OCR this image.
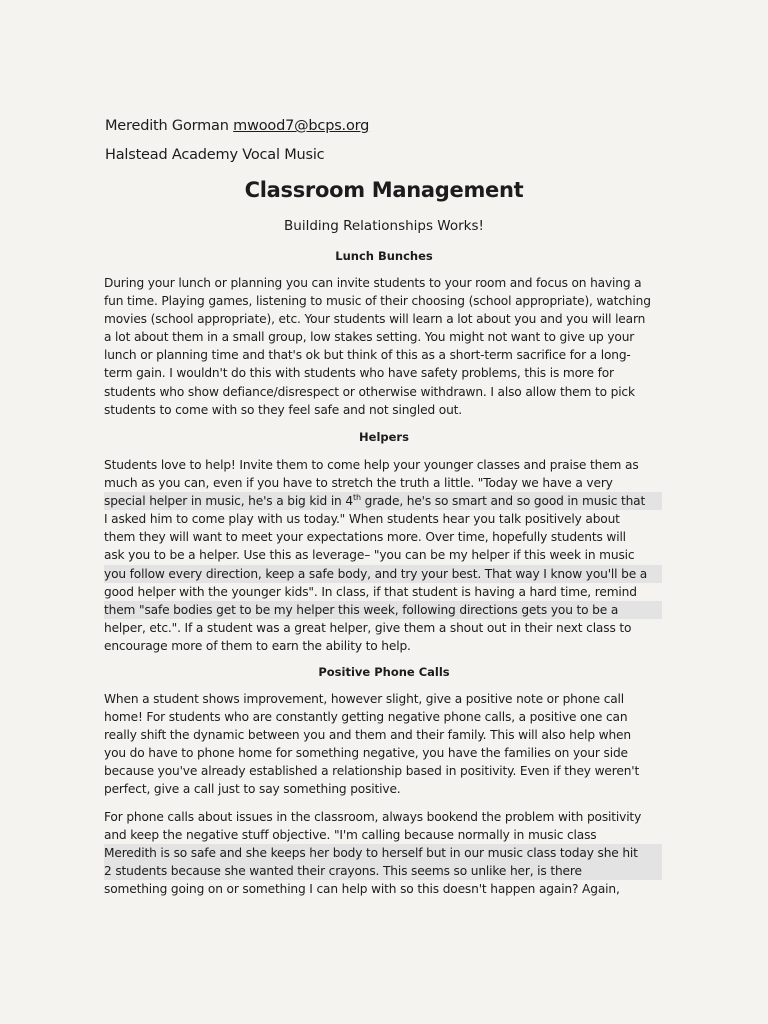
Meredith Gorman mwood7@bcps.org
Halstead Academy Vocal Music
Classroom Management
Building Relationships Works!
Lunch Bunches

During your lunch or planning you can invite students to your room and focus on having a

fun time. Playing games, listening to music of their choosing (school appropriate), watching

movies (school appropriate), etc. Your students will learn a lot about you and you will learn

a lot about them in a small group, low stakes setting. You might not want to give up your

lunch or planning time and that's ok but think of this as a short-term sacrifice for a long-

term gain. I wouldn't do this with students who have safety problems, this is more for

students who show defiance/disrespect or otherwise withdrawn. I also allow them to pick

students to come with so they feel safe and not singled out.

Helpers

Students love to help! Invite them to come help your younger classes and praise them as

much as you can, even if you have to stretch the truth a little. "Today we have a very

special helper in music, he's a big kid in 4th grade, he's so smart and so good in music that

I asked him to come play with us today." When students hear you talk positively about

them they will want to meet your expectations more. Over time, hopefully students will

ask you to be a helper. Use this as leverage– "you can be my helper if this week in music

you follow every direction, keep a safe body, and try your best. That way I know you'll be a

good helper with the younger kids". In class, if that student is having a hard time, remind

them "safe bodies get to be my helper this week, following directions gets you to be a

helper, etc.". If a student was a great helper, give them a shout out in their next class to

encourage more of them to earn the ability to help.

Positive Phone Calls

When a student shows improvement, however slight, give a positive note or phone call

home! For students who are constantly getting negative phone calls, a positive one can

really shift the dynamic between you and them and their family. This will also help when

you do have to phone home for something negative, you have the families on your side

because you've already established a relationship based in positivity. Even if they weren't

perfect, give a call just to say something positive.

For phone calls about issues in the classroom, always bookend the problem with positivity

and keep the negative stuff objective. "I'm calling because normally in music class

Meredith is so safe and she keeps her body to herself but in our music class today she hit

2 students because she wanted their crayons. This seems so unlike her, is there

something going on or something I can help with so this doesn't happen again? Again,
